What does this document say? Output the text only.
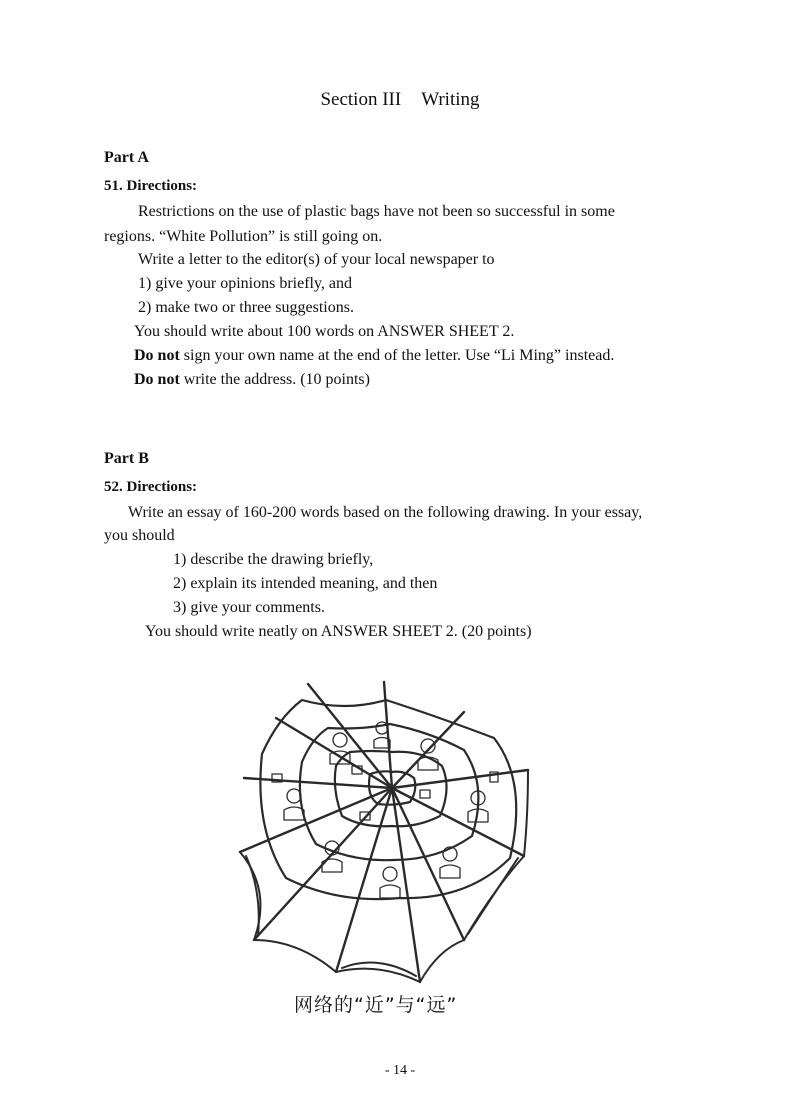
Section III Writing
Part A
51. Directions:
Restrictions on the use of plastic bags have not been so successful in some
regions. “White Pollution” is still going on.
Write a letter to the editor(s) of your local newspaper to
1) give your opinions briefly, and
2) make two or three suggestions.
You should write about 100 words on ANSWER SHEET 2.
Do not sign your own name at the end of the letter. Use “Li Ming” instead.
Do not write the address. (10 points)
Part B
52. Directions:
Write an essay of 160-200 words based on the following drawing. In your essay,
you should
1) describe the drawing briefly,
2) explain its intended meaning, and then
3) give your comments.
You should write neatly on ANSWER SHEET 2. (20 points)
网络的“近”与“远”
- 14 -
